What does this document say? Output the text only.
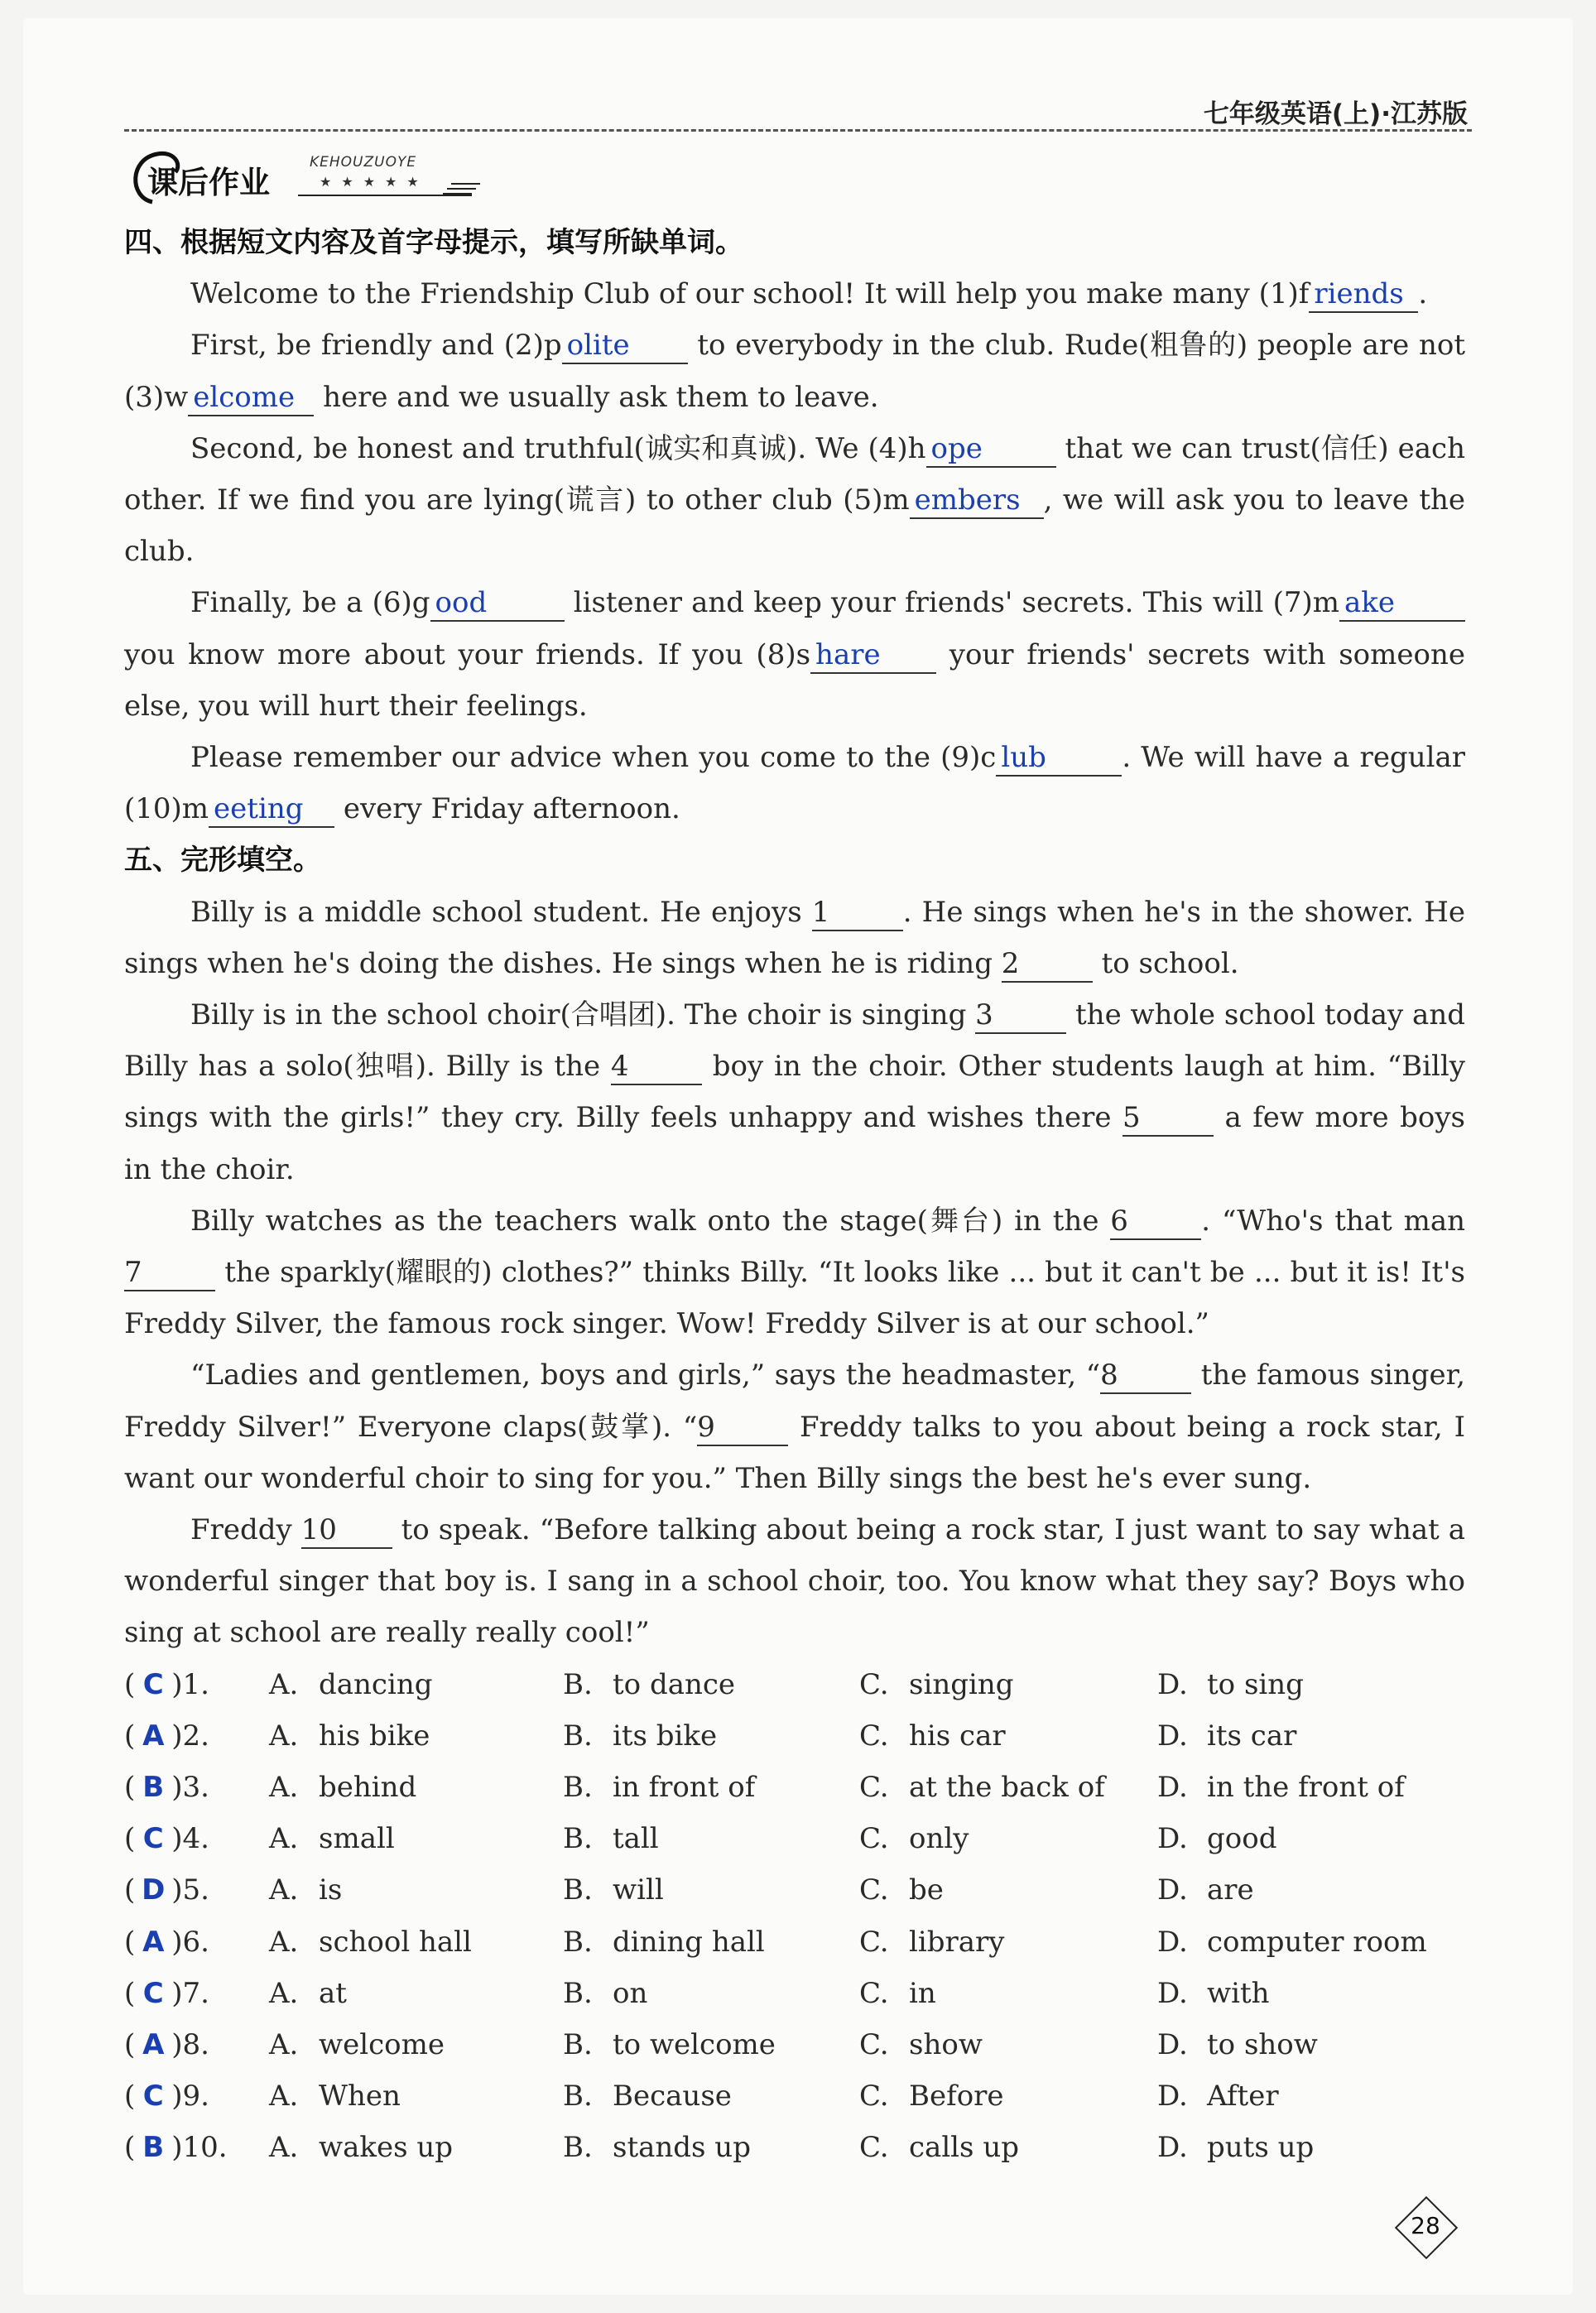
七年级英语(上)·江苏版
课后作业
KEHOUZUOYE
★★★★★
四、根据短文内容及首字母提示，填写所缺单词。
Welcome to the Friendship Club of our school! It will help you make many (1)f riends .
First, be friendly and (2)p olite to everybody in the club. Rude(粗鲁的) people are not (3)w elcome here and we usually ask them to leave.
Second, be honest and truthful(诚实和真诚). We (4)h ope	that we can trust(信任) each other. If we find you are lying(谎言) to other club (5)m embers , we will ask you to leave the club.
Finally, be a (6)g ood	listener and keep your friends' secrets. This will (7)m ake you know more about your friends. If you (8)s hare your friends' secrets with someone else, you will hurt their feelings.
Please remember our advice when you come to the (9)c lub	. We will have a regular (10)m eeting every Friday afternoon.
五、完形填空。
Billy is a middle school student. He enjoys 1	. He sings when he's in the shower. He sings when he's doing the dishes. He sings when he is riding 2	to school.
Billy is in the school choir(合唱团). The choir is singing 3	the whole school today and Billy has a solo(独唱). Billy is the 4	boy in the choir. Other students laugh at him. “Billy sings with the girls!” they cry. Billy feels unhappy and wishes there 5	a few more boys in the choir.
Billy watches as the teachers walk onto the stage(舞台) in the 6	. “Who's that man 7	the sparkly(耀眼的) clothes?” thinks Billy. “It looks like ... but it can't be ... but it is! It's Freddy Silver, the famous rock singer. Wow! Freddy Silver is at our school.”
“Ladies and gentlemen, boys and girls,” says the headmaster, “8	the famous singer, Freddy Silver!” Everyone claps(鼓掌). “9	Freddy talks to you about being a rock star, I want our wonderful choir to sing for you.” Then Billy sings the best he's ever sung.
Freddy 10 to speak. “Before talking about being a rock star, I just want to say what a wonderful singer that boy is. I sang in a school choir, too. You know what they say? Boys who sing at school are really really cool!”
( C )1.	A. dancing	B. to dance	C. singing	D. to sing
( A )2.	A. his bike	B. its bike	C. his car	D. its car
( B )3.	A. behind	B. in front of	C. at the back of	D. in the front of
( C )4.	A. small	B. tall	C. only	D. good
( D )5.	A. is	B. will	C. be	D. are
( A )6.	A. school hall	B. dining hall	C. library	D. computer room
( C )7.	A. at	B. on	C. in	D. with
( A )8.	A. welcome	B. to welcome	C. show	D. to show
( C )9.	A. When	B. Because	C. Before	D. After
( B )10.	A. wakes up	B. stands up	C. calls up	D. puts up
28
